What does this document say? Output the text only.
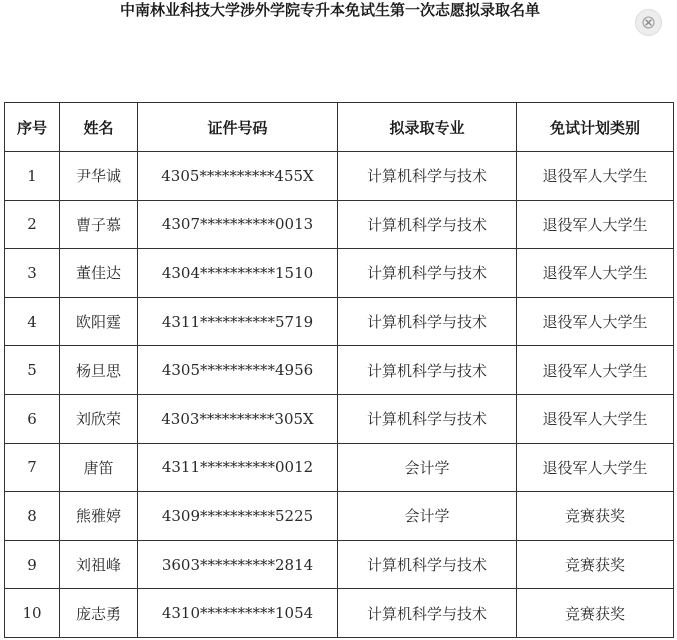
中南林业科技大学涉外学院专升本免试生第一次志愿拟录取名单
序号	姓名	证件号码	拟录取专业	免试计划类别
1	尹华诚	4305**********455X	计算机科学与技术	退役军人大学生
2	曹子慕	4307**********0013	计算机科学与技术	退役军人大学生
3	董佳达	4304**********1510	计算机科学与技术	退役军人大学生
4	欧阳霆	4311**********5719	计算机科学与技术	退役军人大学生
5	杨旦思	4305**********4956	计算机科学与技术	退役军人大学生
6	刘欣荣	4303**********305X	计算机科学与技术	退役军人大学生
7	唐笛	4311**********0012	会计学	退役军人大学生
8	熊雅婷	4309**********5225	会计学	竞赛获奖
9	刘祖峰	3603**********2814	计算机科学与技术	竞赛获奖
10	庞志勇	4310**********1054	计算机科学与技术	竞赛获奖
